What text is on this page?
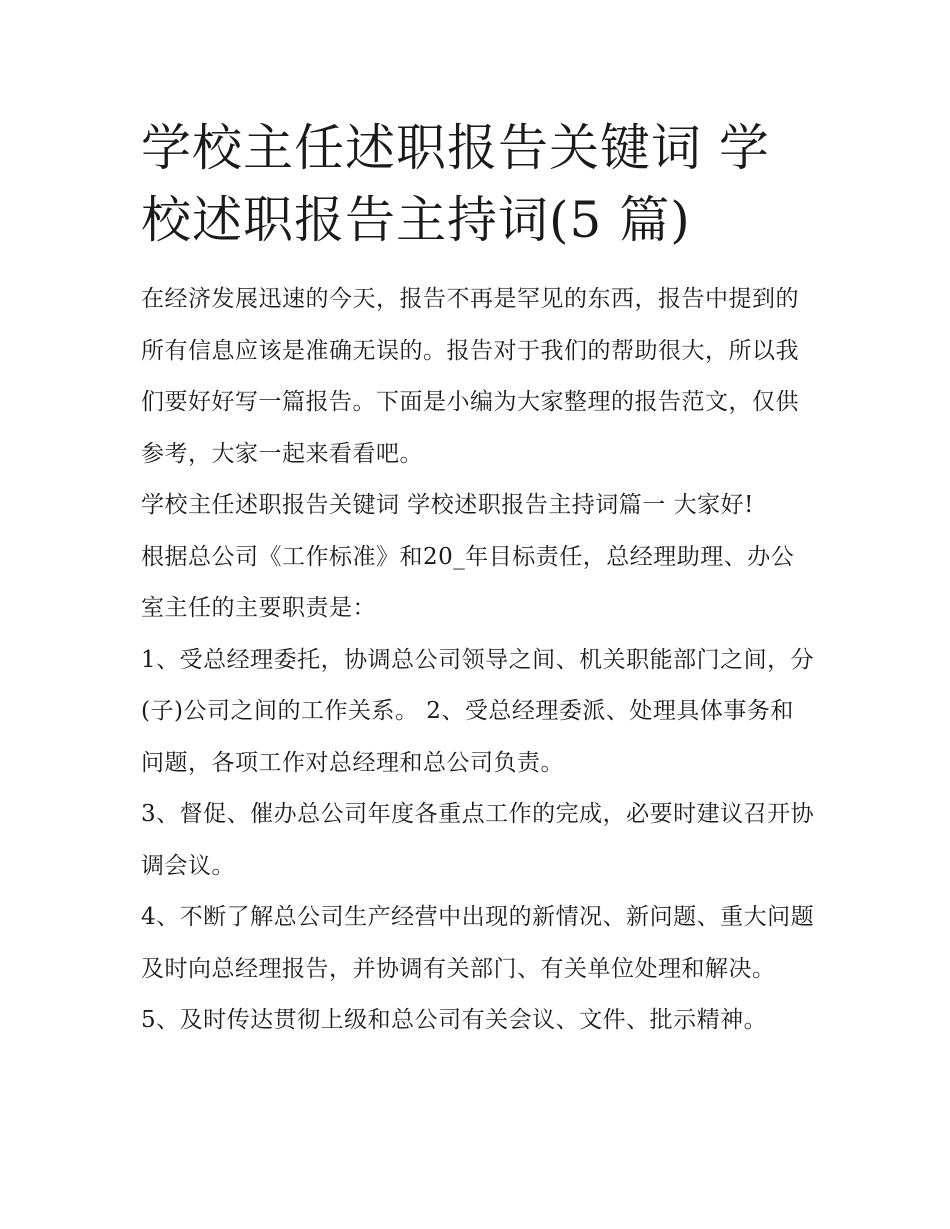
学校主任述职报告关键词 学校述职报告主持词(5 篇)

在经济发展迅速的今天，报告不再是罕见的东西，报告中提到的所有信息应该是准确无误的。报告对于我们的帮助很大，所以我们要好好写一篇报告。下面是小编为大家整理的报告范文，仅供参考，大家一起来看看吧。

学校主任述职报告关键词 学校述职报告主持词篇一 大家好!

根据总公司《工作标准》和20_年目标责任，总经理助理、办公室主任的主要职责是：

1、受总经理委托，协调总公司领导之间、机关职能部门之间，分(子)公司之间的工作关系。 2、受总经理委派、处理具体事务和问题，各项工作对总经理和总公司负责。

3、督促、催办总公司年度各重点工作的完成，必要时建议召开协调会议。

4、不断了解总公司生产经营中出现的新情况、新问题、重大问题及时向总经理报告，并协调有关部门、有关单位处理和解决。

5、及时传达贯彻上级和总公司有关会议、文件、批示精神。
